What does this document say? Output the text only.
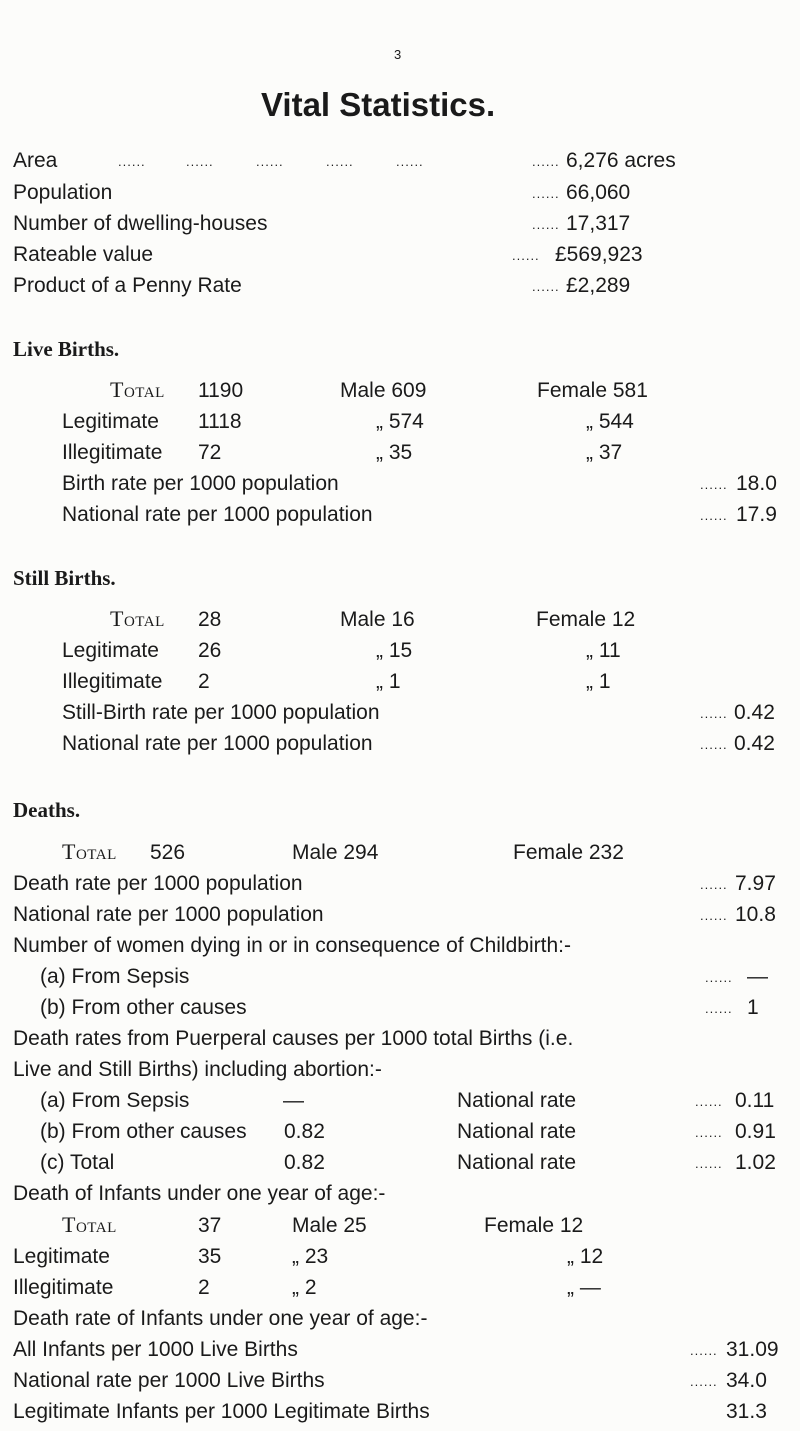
3
Vital Statistics.
Area	6,276 acres
Population	66,060
Number of dwelling-houses	17,317
Rateable value	£569,923
Product of a Penny Rate	£2,289
Live Births.
Total 1190	Male 609	Female 581
Legitimate 1118	„ 574	„ 544
Illegitimate 72	„ 35	„ 37
Birth rate per 1000 population	18.0
National rate per 1000 population	17.9
Still Births.
Total 28	Male 16	Female 12
Legitimate 26	„ 15	„ 11
Illegitimate 2	„ 1	„ 1
Still-Birth rate per 1000 population	0.42
National rate per 1000 population	0.42
Deaths.
Total 526	Male 294	Female 232
Death rate per 1000 population	7.97
National rate per 1000 population	10.8
Number of women dying in or in consequence of Childbirth:-
(a) From Sepsis	—
(b) From other causes	1
Death rates from Puerperal causes per 1000 total Births (i.e.
Live and Still Births) including abortion:-
(a) From Sepsis	—	National rate	0.11
(b) From other causes 0.82	National rate	0.91
(c) Total	0.82	National rate	1.02
Death of Infants under one year of age:-
Total	37	Male 25	Female 12
Legitimate	35	„ 23	„ 12
Illegitimate	2	„ 2	„ —
Death rate of Infants under one year of age:-
All Infants per 1000 Live Births	31.09
National rate per 1000 Live Births	34.0
Legitimate Infants per 1000 Legitimate Births	31.3
......	......	......	......	......	......
......
......
......
......
......
......
......
......
......
......
......
......
......
......
......
......
......
